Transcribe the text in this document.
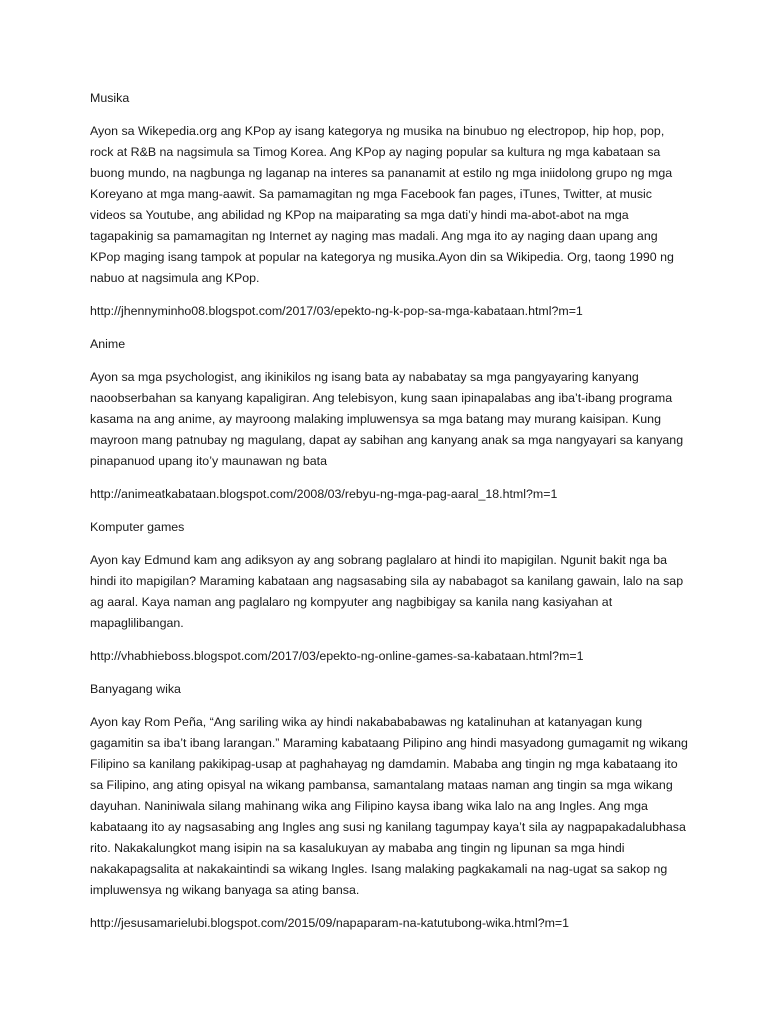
Musika

Ayon sa Wikepedia.org ang KPop ay isang kategorya ng musika na binubuo ng electropop, hip hop, pop, rock at R&B na nagsimula sa Timog Korea. Ang KPop ay naging popular sa kultura ng mga kabataan sa buong mundo, na nagbunga ng laganap na interes sa pananamit at estilo ng mga iniidolong grupo ng mga Koreyano at mga mang-aawit. Sa pamamagitan ng mga Facebook fan pages, iTunes, Twitter, at music videos sa Youtube, ang abilidad ng KPop na maiparating sa mga dati’y hindi ma-abot-abot na mga tagapakinig sa pamamagitan ng Internet ay naging mas madali. Ang mga ito ay naging daan upang ang KPop maging isang tampok at popular na kategorya ng musika.Ayon din sa Wikipedia. Org, taong 1990 ng nabuo at nagsimula ang KPop.

http://jhennyminho08.blogspot.com/2017/03/epekto-ng-k-pop-sa-mga-kabataan.html?m=1

Anime

Ayon sa mga psychologist, ang ikinikilos ng isang bata ay nababatay sa mga pangyayaring kanyang naoobserbahan sa kanyang kapaligiran. Ang telebisyon, kung saan ipinapalabas ang iba’t-ibang programa kasama na ang anime, ay mayroong malaking impluwensya sa mga batang may murang kaisipan. Kung mayroon mang patnubay ng magulang, dapat ay sabihan ang kanyang anak sa mga nangyayari sa kanyang pinapanuod upang ito’y maunawan ng bata

http://animeatkabataan.blogspot.com/2008/03/rebyu-ng-mga-pag-aaral_18.html?m=1

Komputer games

Ayon kay Edmund kam ang adiksyon ay ang sobrang paglalaro at hindi ito mapigilan. Ngunit bakit nga ba hindi ito mapigilan? Maraming kabataan ang nagsasabing sila ay nababagot sa kanilang gawain, lalo na sap ag aaral. Kaya naman ang paglalaro ng kompyuter ang nagbibigay sa kanila nang kasiyahan at mapaglilibangan.

http://vhabhieboss.blogspot.com/2017/03/epekto-ng-online-games-sa-kabataan.html?m=1

Banyagang wika

Ayon kay Rom Peña, “Ang sariling wika ay hindi nakabababawas ng katalinuhan at katanyagan kung gagamitin sa iba’t ibang larangan.” Maraming kabataang Pilipino ang hindi masyadong gumagamit ng wikang Filipino sa kanilang pakikipag-usap at paghahayag ng damdamin. Mababa ang tingin ng mga kabataang ito sa Filipino, ang ating opisyal na wikang pambansa, samantalang mataas naman ang tingin sa mga wikang dayuhan. Naniniwala silang mahinang wika ang Filipino kaysa ibang wika lalo na ang Ingles. Ang mga kabataang ito ay nagsasabing ang Ingles ang susi ng kanilang tagumpay kaya’t sila ay nagpapakadalubhasa rito. Nakakalungkot mang isipin na sa kasalukuyan ay mababa ang tingin ng lipunan sa mga hindi nakakapagsalita at nakakaintindi sa wikang Ingles. Isang malaking pagkakamali na nag-ugat sa sakop ng impluwensya ng wikang banyaga sa ating bansa.

http://jesusamarielubi.blogspot.com/2015/09/napaparam-na-katutubong-wika.html?m=1
